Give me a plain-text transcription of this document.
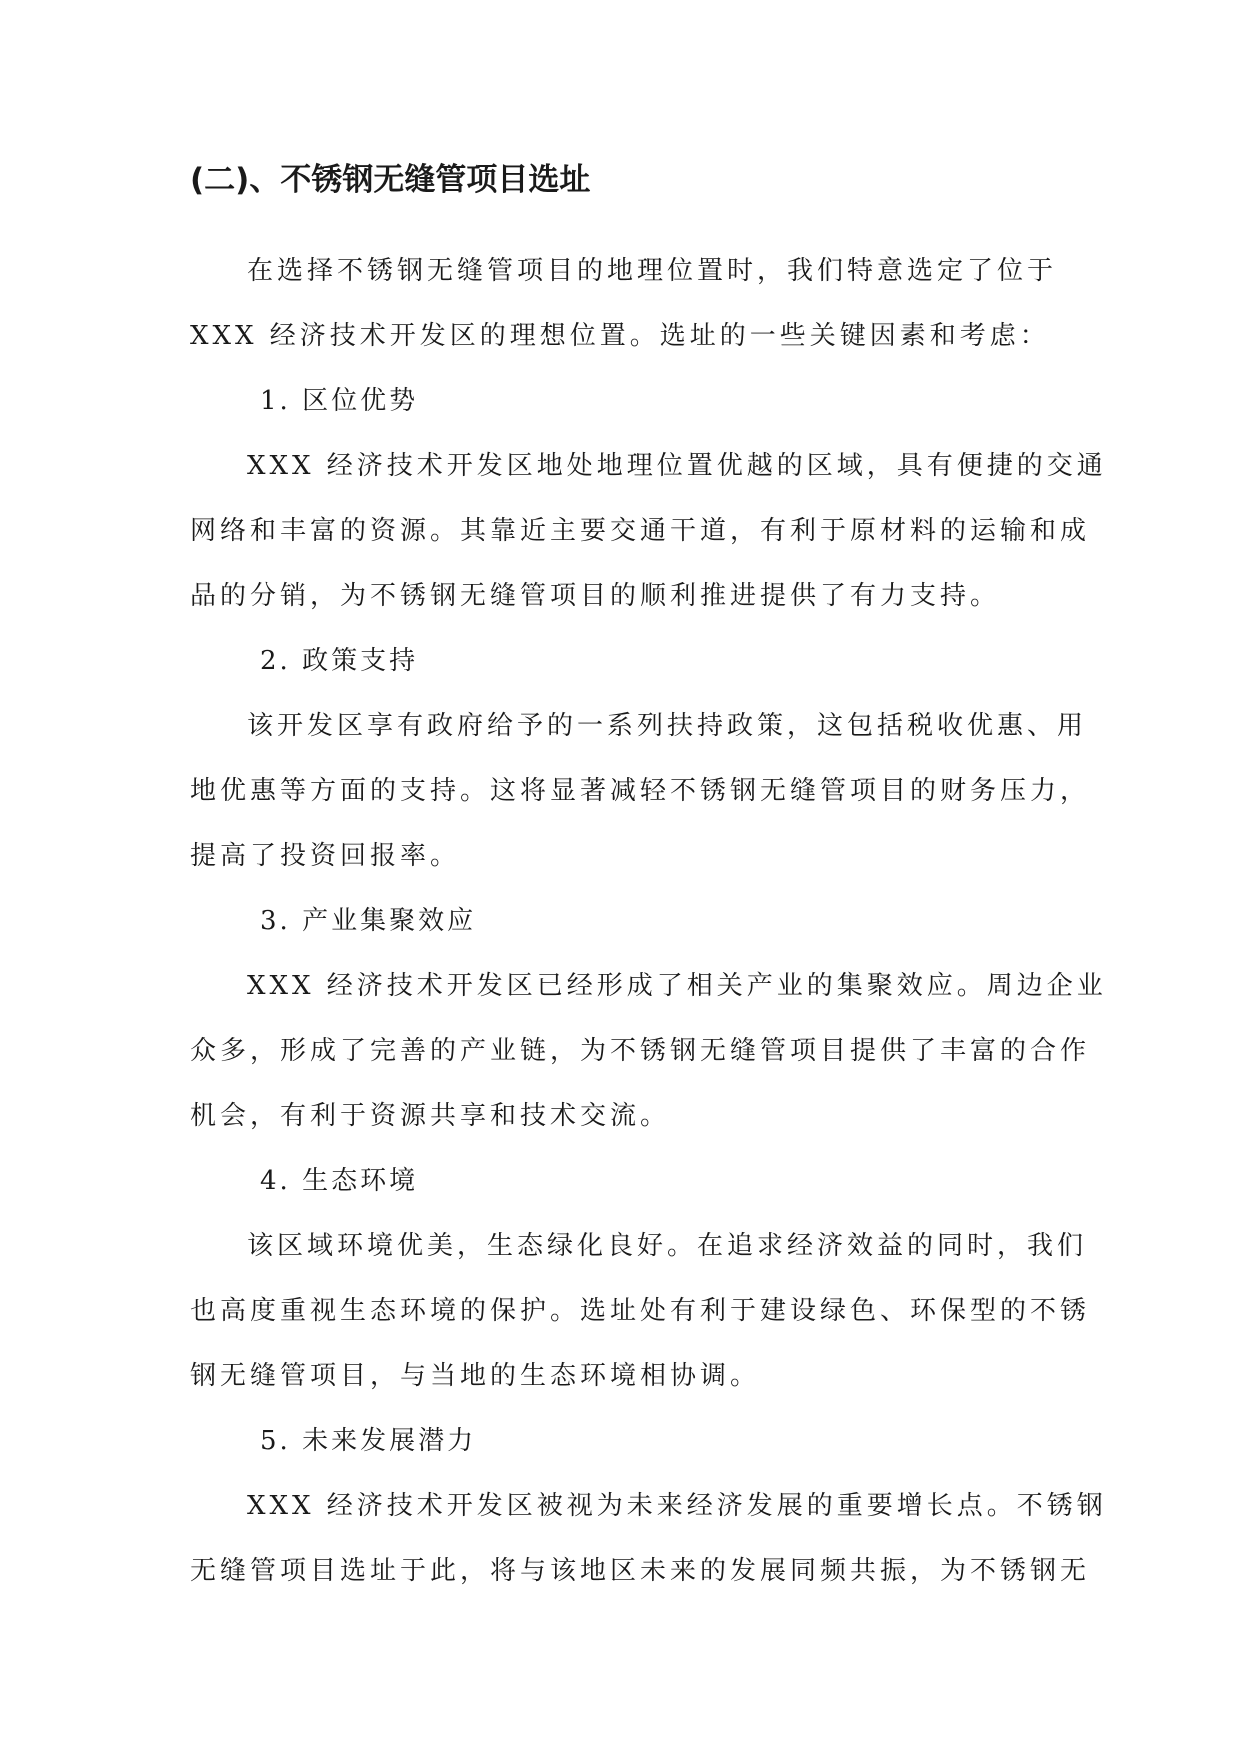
(二)、不锈钢无缝管项目选址
在选择不锈钢无缝管项目的地理位置时，我们特意选定了位于
XXX 经济技术开发区的理想位置。选址的一些关键因素和考虑：
1. 区位优势
XXX 经济技术开发区地处地理位置优越的区域，具有便捷的交通
网络和丰富的资源。其靠近主要交通干道，有利于原材料的运输和成
品的分销，为不锈钢无缝管项目的顺利推进提供了有力支持。
2. 政策支持
该开发区享有政府给予的一系列扶持政策，这包括税收优惠、用
地优惠等方面的支持。这将显著减轻不锈钢无缝管项目的财务压力，
提高了投资回报率。
3. 产业集聚效应
XXX 经济技术开发区已经形成了相关产业的集聚效应。周边企业
众多，形成了完善的产业链，为不锈钢无缝管项目提供了丰富的合作
机会，有利于资源共享和技术交流。
4. 生态环境
该区域环境优美，生态绿化良好。在追求经济效益的同时，我们
也高度重视生态环境的保护。选址处有利于建设绿色、环保型的不锈
钢无缝管项目，与当地的生态环境相协调。
5. 未来发展潜力
XXX 经济技术开发区被视为未来经济发展的重要增长点。不锈钢
无缝管项目选址于此，将与该地区未来的发展同频共振，为不锈钢无
